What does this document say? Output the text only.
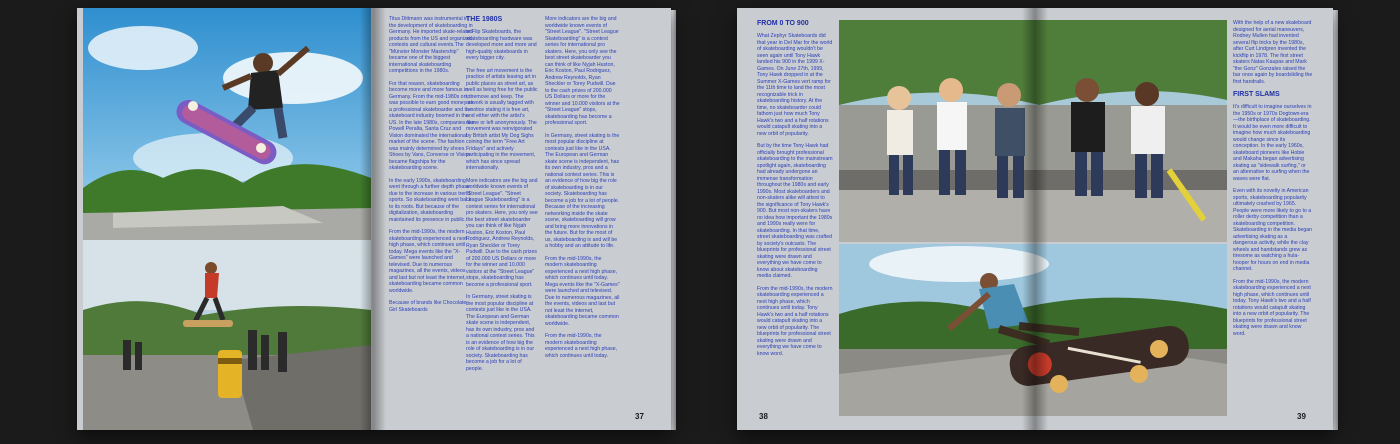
Titus Dittmann was instrumental in the development of skateboarding in Germany. He imported skate-related products from the US and organized contests and cultural events.The "Münster Monster Mastership" became one of the biggest international skateboarding competitions in the 1980s.

For that reason, skateboarding become more and more famous in Germany. From the mid-1980s on, it was possible to earn good money as a professional skateboarder and the skateboard industry boomed in the US. In the late 1980s, companies like Powell Peralta, Santa Cruz and Vision dominated the international market of the scene. The fashion was mainly determined by shoes. Shoes by Vans, Converse or Vision became flagships for the skateboarding scene.

In the early 1990s, skateboarding went through a further depth phase due to the increase in various trend sports. So skateboarding went back to its roots. But because of the digitalization, skateboarding maintained its presence in public.

From the mid-1990s, the modern skateboarding experienced a next high phase, which continues until today. Mega events like the "X-Games" were launched and televised. Due to numerous magazines, all the events, videos and last but not least the internet, skateboarding became common worldwide.

Because of brands like Chocolate, Girl Skateboards

THE 1980S

or Flip Skateboards, the skateboarding hardware was developed more and more and high-quality skateboards in every bigger city.

The free art movement is the practice of artists leaving art in public places as street art, as well as being free for the public to remove and keep. The artwork is usually tagged with a notice stating it is free art, and either with the artist's name or left anonymously. The movement was reinvigorated by British artist My Dog Sighs coining the term "Free Art Fridays" and actively participating in the movement, which has since spread internationally.

More indicators are the big and worldwide known events of "Street League". "Street League Skateboarding" is a contest series for international pro skaters. Here, you only see the best street skateboarder you can think of like Nyjah Huston, Eric Koston, Paul Rodriguez, Andrew Reynolds, Ryan Sheckler or Torey Pudwill. Due to the cash prizes of 200.000 US Dollars or more for the winner and 10.000 visitors at the "Street League" stops, skateboarding has become a professional sport.

In Germany, street skating is the most popular discipline at contests just like in the USA. The European and German skate scene is independent, has its own industry, pros and a national contest series. This is an evidence of how big the role of skateboarding is in our society. Skateboarding has become a job for a lot of people.

More indicators are the big and worldwide known events of "Street League". "Street League Skateboarding" is a contest series for international pro skaters. Here, you only see the best street skateboarder you can think of like Nyjah Huston, Eric Koston, Paul Rodriguez, Andrew Reynolds, Ryan Sheckler or Torey Pudwill. Due to the cash prizes of 200.000 US Dollars or more for the winner and 10.000 visitors at the "Street League" stops, skateboarding has become a professional sport.

In Germany, street skating is the most popular discipline at contests just like in the USA. The European and German skate scene is independent, has its own industry, pros and a national contest series. This is an evidence of how big the role of skateboarding is in our society. Skateboarding has become a job for a lot of people. Because of the increasing networking inside the skate scene, skateboarding will grow and bring more innovations in the future. But for the most of us, skateboarding is and will be a hobby and an attitude to life.

From the mid-1990s, the modern skateboarding experienced a next high phase, which continues until today. Mega events like the "X-Games" were launched and televised. Due to numerous magazines, all the events, videos and last but not least the internet, skateboarding became common worldwide.

From the mid-1990s, the modern skateboarding experienced a next high phase, which continues until today.

37
FROM 0 TO 900

What Zephyr Skateboards did that year in Del Mar for the world of skateboarding wouldn't be seen again until Tony Hawk landed his 900 in the 1999 X-Games. On June 27th, 1999, Tony Hawk dropped in at the Summer X-Games vert ramp for the 11th time to land the most recognizable trick in skateboarding history. At the time, no skateboarder could fathom just how much Tony Hawk's two and a half rotations would catapult skating into a new orbit of popularity.

But by the time Tony Hawk had officially brought professional skateboarding to the mainstream spotlight again, skateboarding had already undergone an immense transformation throughout the 1980s and early 1990s. Most skateboarders and non-skaters alike will attest to the significance of Tony Hawk's 900. But most non-skaters have no idea how important the 1980s and 1990s really were for skateboarding. In that time, street skateboarding was crafted by society's outcasts. The blueprints for professional street skating were drawn and everything we have come to know about skateboarding media claimed.

From the mid-1990s, the modern skateboarding experienced a next high phase, which continues until today. Tony Hawk's two and a half rotations would catapult skating into a new orbit of popularity. The blueprints for professional street skating were drawn and everything we have come to know word.

With the help of a new skateboard designed for aerial maneuvers, Rodney Mullen had invented several flip tricks by the 1980s, after Curt Lindgren invented the kickflip in 1978. The first street skaters Natas Kaupas and Mark "the Gonz" Gonzales raised the bar once again by boardsliding the first handrails.

FIRST SLAMS

It's difficult to imagine ourselves in the 1950s or 1970s Dogtown-era—the birthplace of skateboarding. It would be even more difficult to imagine how much skateboarding would change since its conception. In the early 1960s, skateboard pioneers like Hobie and Makaha began advertising skating as "sidewalk surfing," or an alternative to surfing when the waves were flat.

Even with its novelty in American sports, skateboarding popularity ultimately crashed by 1965. People were more likely to go to a roller derby competition than a skateboarding competition. Skateboarding in the media began advertising skating as a dangerous activity, while the clay wheels and handstands grew as tiresome as watching a hula-hooper for hours on end in media channel.

From the mid-1990s, the modern skateboarding experienced a next high phase, which continues until today. Tony Hawk's two and a half rotations would catapult skating into a new orbit of popularity. The blueprints for professional street skating were drawn and know word.

38	39
